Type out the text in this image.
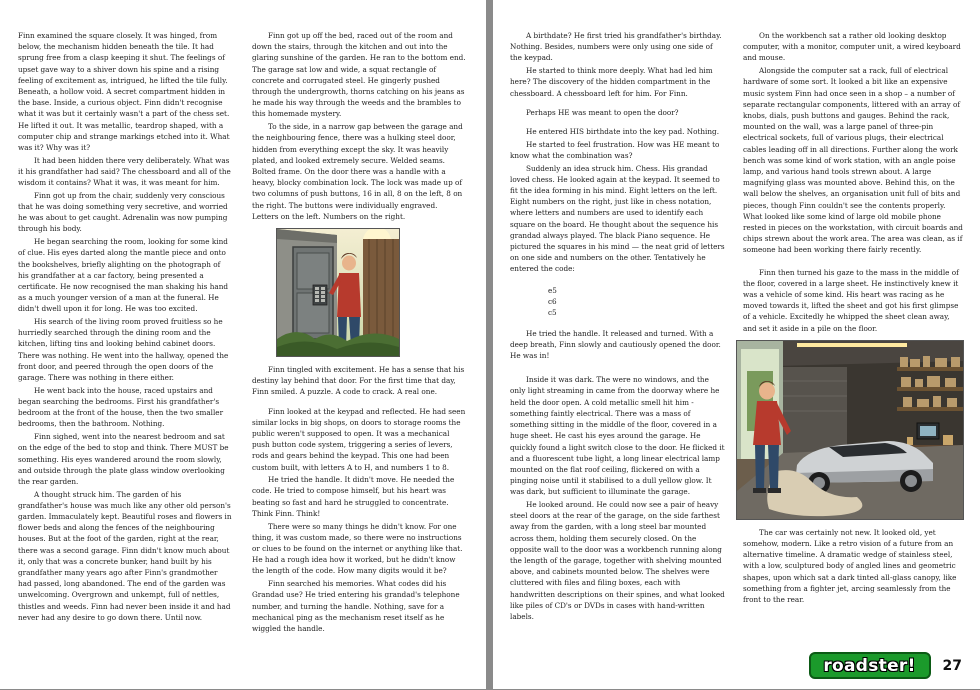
Finn examined the square closely. It was hinged, from below, the mechanism hidden beneath the tile. It had sprung free from a clasp keeping it shut. The feelings of upset gave way to a shiver down his spine and a rising feeling of excitement as, intrigued, he lifted the tile fully. Beneath, a hollow void. A secret compartment hidden in the base. Inside, a curious object. Finn didn't recognise what it was but it certainly wasn't a part of the chess set. He lifted it out. It was metallic, teardrop shaped, with a computer chip and strange markings etched into it. What was it? Why was it?

It had been hidden there very deliberately. What was it his grandfather had said? The chessboard and all of the wisdom it contains? What it was, it was meant for him.

Finn got up from the chair, suddenly very conscious that he was doing something very secretive, and worried he was about to get caught. Adrenalin was now pumping through his body.

He began searching the room, looking for some kind of clue. His eyes darted along the mantle piece and onto the bookshelves, briefly alighting on the photograph of his grandfather at a car factory, being presented a certificate. He now recognised the man shaking his hand as a much younger version of a man at the funeral. He didn't dwell upon it for long. He was too excited.

His search of the living room proved fruitless so he hurriedly searched through the dining room and the kitchen, lifting tins and looking behind cabinet doors. There was nothing. He went into the hallway, opened the front door, and peered through the open doors of the garage. There was nothing in there either.

He went back into the house, raced upstairs and began searching the bedrooms. First his grandfather's bedroom at the front of the house, then the two smaller bedrooms, then the bathroom. Nothing.

Finn sighed, went into the nearest bedroom and sat on the edge of the bed to stop and think. There MUST be something. His eyes wandered around the room slowly, and outside through the plate glass window overlooking the rear garden.

A thought struck him. The garden of his grandfather's house was much like any other old person's garden. Immaculately kept. Beautiful roses and flowers in flower beds and along the fences of the neighbouring houses. But at the foot of the garden, right at the rear, there was a second garage. Finn didn't know much about it, only that was a concrete bunker, hand built by his grandfather many years ago after Finn's grandmother had passed, long abandoned. The end of the garden was unwelcoming. Overgrown and unkempt, full of nettles, thistles and weeds. Finn had never been inside it and had never had any desire to go down there. Until now.

Finn got up off the bed, raced out of the room and down the stairs, through the kitchen and out into the glaring sunshine of the garden. He ran to the bottom end. The garage sat low and wide, a squat rectangle of concrete and corrugated steel. He gingerly pushed through the undergrowth, thorns catching on his jeans as he made his way through the weeds and the brambles to this homemade mystery.

To the side, in a narrow gap between the garage and the neighbouring fence, there was a hulking steel door, hidden from everything except the sky. It was heavily plated, and looked extremely secure. Welded seams. Bolted frame. On the door there was a handle with a heavy, blocky combination lock. The lock was made up of two columns of push buttons, 16 in all, 8 on the left, 8 on the right. The buttons were individually engraved. Letters on the left. Numbers on the right.

Finn tingled with excitement. He has a sense that his destiny lay behind that door. For the first time that day, Finn smiled. A puzzle. A code to crack. A real one.

Finn looked at the keypad and reflected. He had seen similar locks in big shops, on doors to storage rooms the public weren't supposed to open. It was a mechanical push button code system, triggering a series of levers, rods and gears behind the keypad. This one had been custom built, with letters A to H, and numbers 1 to 8.

He tried the handle. It didn't move. He needed the code. He tried to compose himself, but his heart was beating so fast and hard he struggled to concentrate. Think Finn. Think!

There were so many things he didn't know. For one thing, it was custom made, so there were no instructions or clues to be found on the internet or anything like that. He had a rough idea how it worked, but he didn't know the length of the code. How many digits would it be?

Finn searched his memories. What codes did his Grandad use? He tried entering his grandad's telephone number, and turning the handle. Nothing, save for a mechanical ping as the mechanism reset itself as he wiggled the handle.

A birthdate? He first tried his grandfather's birthday. Nothing. Besides, numbers were only using one side of the keypad.

He started to think more deeply. What had led him here? The discovery of the hidden compartment in the chessboard. A chessboard left for him. For Finn.

Perhaps HE was meant to open the door?

He entered HIS birthdate into the key pad. Nothing.

He started to feel frustration. How was HE meant to know what the combination was?

Suddenly an idea struck him. Chess. His grandad loved chess. He looked again at the keypad. It seemed to fit the idea forming in his mind. Eight letters on the left. Eight numbers on the right, just like in chess notation, where letters and numbers are used to identify each square on the board. He thought about the sequence his grandad always played. The black Piano sequence. He pictured the squares in his mind — the neat grid of letters on one side and numbers on the other. Tentatively he entered the code:

e5

c6

c5

He tried the handle. It released and turned. With a deep breath, Finn slowly and cautiously opened the door. He was in!

Inside it was dark. The were no windows, and the only light streaming in came from the doorway where he held the door open. A cold metallic smell hit him - something faintly electrical. There was a mass of something sitting in the middle of the floor, covered in a huge sheet. He cast his eyes around the garage. He quickly found a light switch close to the door. He flicked it and a fluorescent tube light, a long linear electrical lamp mounted on the flat roof ceiling, flickered on with a pinging noise until it stabilised to a dull yellow glow. It was dark, but sufficient to illuminate the garage.

He looked around. He could now see a pair of heavy steel doors at the rear of the garage, on the side farthest away from the garden, with a long steel bar mounted across them, holding them securely closed. On the opposite wall to the door was a workbench running along the length of the garage, together with shelving mounted above, and cabinets mounted below. The shelves were cluttered with files and filing boxes, each with handwritten descriptions on their spines, and what looked like piles of CD's or DVDs in cases with hand-written labels.

On the workbench sat a rather old looking desktop computer, with a monitor, computer unit, a wired keyboard and mouse.

Alongside the computer sat a rack, full of electrical hardware of some sort. It looked a bit like an expensive music system Finn had once seen in a shop – a number of separate rectangular components, littered with an array of knobs, dials, push buttons and gauges. Behind the rack, mounted on the wall, was a large panel of three-pin electrical sockets, full of various plugs, their electrical cables leading off in all directions. Further along the work bench was some kind of work station, with an angle poise lamp, and various hand tools strewn about. A large magnifying glass was mounted above. Behind this, on the wall below the shelves, an organisation unit full of bits and pieces, though Finn couldn't see the contents properly. What looked like some kind of large old mobile phone rested in pieces on the workstation, with circuit boards and chips strewn about the work area. The area was clean, as if someone had been working there fairly recently.

Finn then turned his gaze to the mass in the middle of the floor, covered in a large sheet. He instinctively knew it was a vehicle of some kind. His heart was racing as he moved towards it, lifted the sheet and got his first glimpse of a vehicle. Excitedly he whipped the sheet clean away, and set it aside in a pile on the floor.

The car was certainly not new. It looked old, yet somehow, modern. Like a retro vision of a future from an alternative timeline. A dramatic wedge of stainless steel, with a low, sculptured body of angled lines and geometric shapes, upon which sat a dark tinted all-glass canopy, like something from a fighter jet, arcing seamlessly from the front to the rear.

roadster! 27
